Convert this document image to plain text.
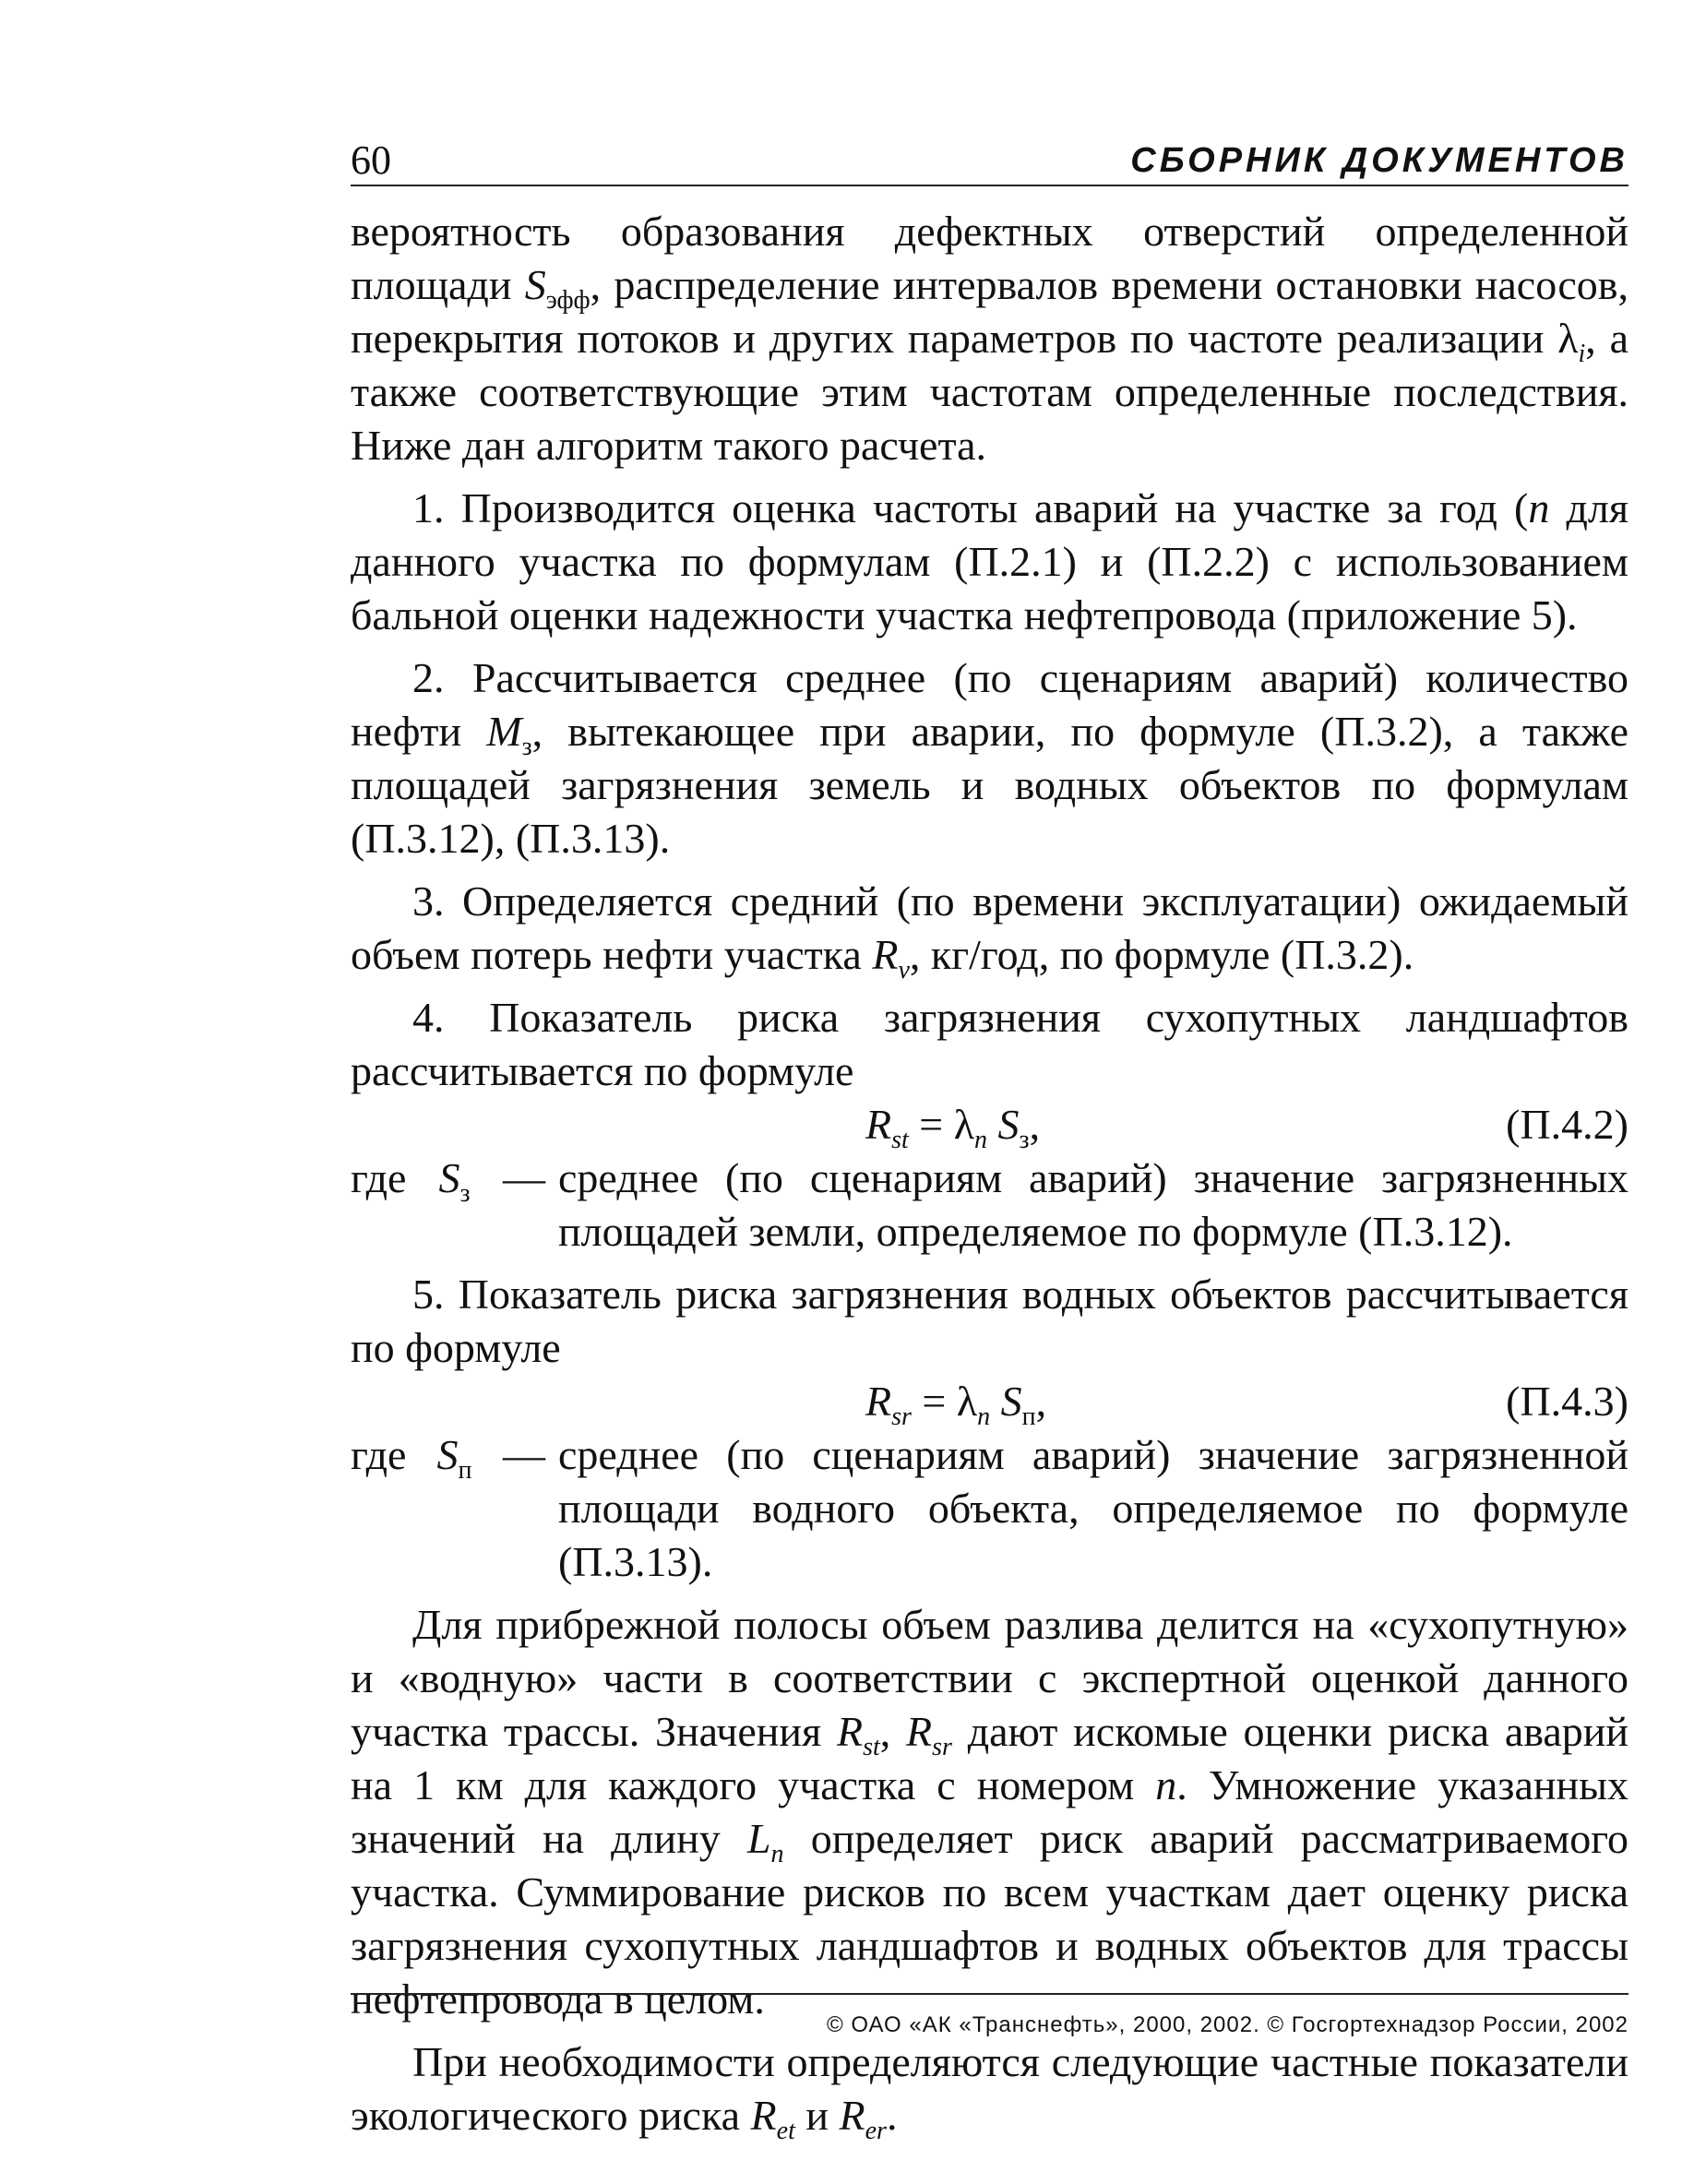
60	СБОРНИК ДОКУМЕНТОВ

вероятность образования дефектных отверстий определенной площади $S_{эфф}$, распределение интервалов времени остановки насосов, перекрытия потоков и других параметров по частоте реализации $\lambda_i$, а также соответствующие этим частотам определенные последствия. Ниже дан алгоритм такого расчета.

1. Производится оценка частоты аварий на участке за год (n для данного участка по формулам (П.2.1) и (П.2.2) с использованием бальной оценки надежности участка нефтепровода (приложение 5).

2. Рассчитывается среднее (по сценариям аварий) количество нефти $M_з$, вытекающее при аварии, по формуле (П.3.2), а также площадей загрязнения земель и водных объектов по формулам (П.3.12), (П.3.13).

3. Определяется средний (по времени эксплуатации) ожидаемый объем потерь нефти участка $R_v$, кг/год, по формуле (П.3.2).

4. Показатель риска загрязнения сухопутных ландшафтов рассчитывается по формуле

$R_{st} = \lambda_n$ $S_з$,	(П.4.2)
где $S_з$ — среднее (по сценариям аварий) значение загрязненных площадей земли, определяемое по формуле (П.3.12).

5. Показатель риска загрязнения водных объектов рассчитывается по формуле

$R_{sr} = \lambda_n$ $S_п$,	(П.4.3)
где $S_п$ — среднее (по сценариям аварий) значение загрязненной площади водного объекта, определяемое по формуле (П.3.13).

Для прибрежной полосы объем разлива делится на «сухопутную» и «водную» части в соответствии с экспертной оценкой данного участка трассы. Значения $R_{st}$, $R_{sr}$ дают искомые оценки риска аварий на 1 км для каждого участка с номером n. Умножение указанных значений на длину $L_n$ определяет риск аварий рассматриваемого участка. Суммирование рисков по всем участкам дает оценку риска загрязнения сухопутных ландшафтов и водных объектов для трассы нефтепровода в целом.

При необходимости определяются следующие частные показатели экологического риска $R_{et}$ и $R_{er}$.

© ОАО «АК «Транснефть», 2000, 2002. © Госгортехнадзор России, 2002
